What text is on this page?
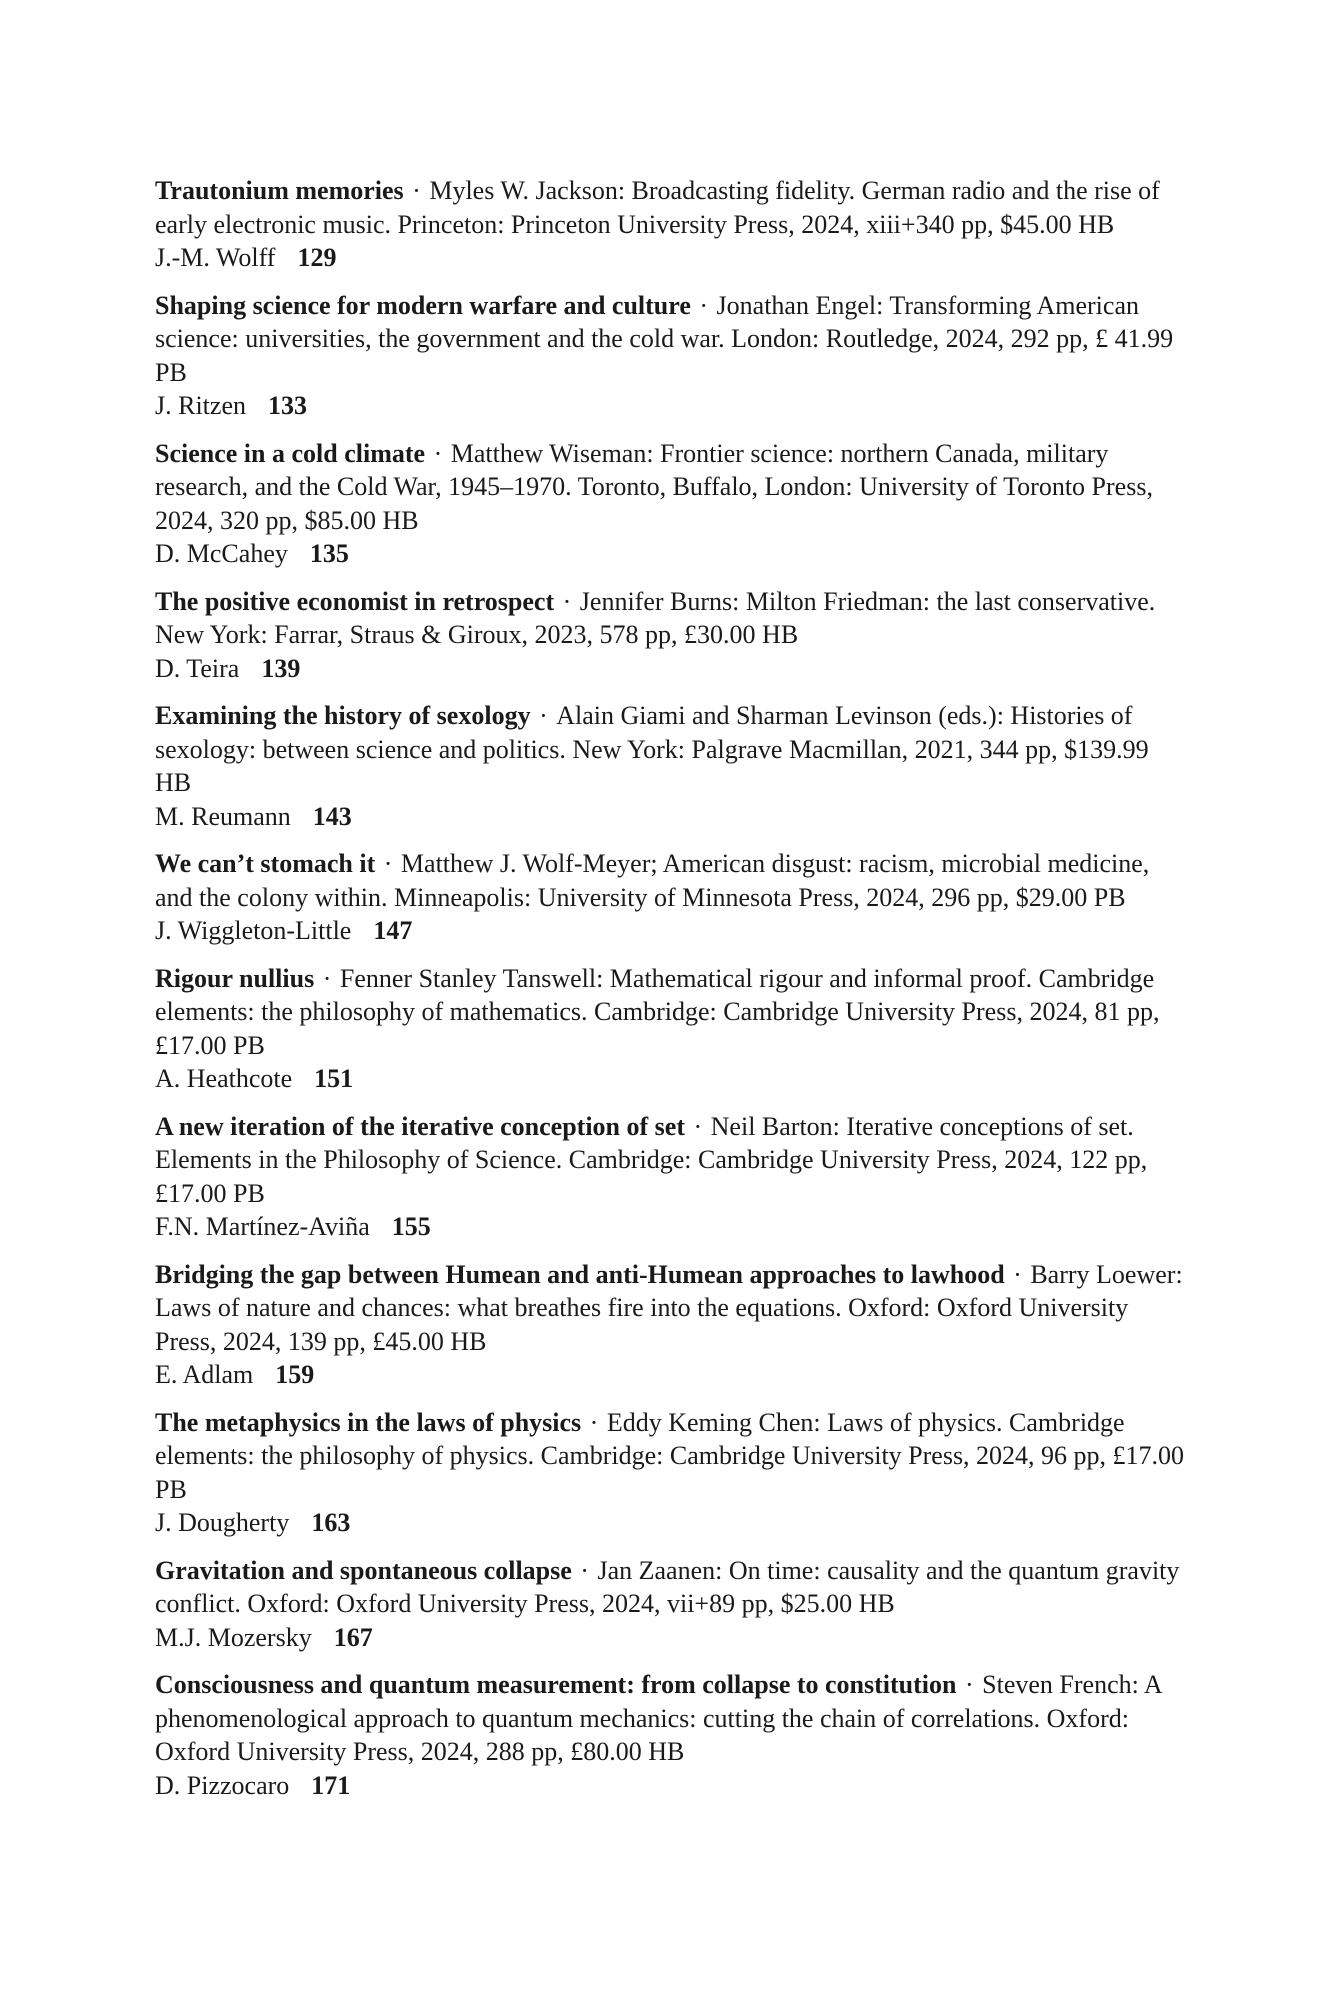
Trautonium memories · Myles W. Jackson: Broadcasting fidelity. German radio and the rise of early electronic music. Princeton: Princeton University Press, 2024, xiii+340 pp, $45.00 HB
J.-M. Wolff 129
Shaping science for modern warfare and culture · Jonathan Engel: Transforming American science: universities, the government and the cold war. London: Routledge, 2024, 292 pp, £ 41.99 PB
J. Ritzen 133
Science in a cold climate · Matthew Wiseman: Frontier science: northern Canada, military research, and the Cold War, 1945–1970. Toronto, Buffalo, London: University of Toronto Press, 2024, 320 pp, $85.00 HB
D. McCahey 135
The positive economist in retrospect · Jennifer Burns: Milton Friedman: the last conservative. New York: Farrar, Straus & Giroux, 2023, 578 pp, £30.00 HB
D. Teira 139
Examining the history of sexology · Alain Giami and Sharman Levinson (eds.): Histories of sexology: between science and politics. New York: Palgrave Macmillan, 2021, 344 pp, $139.99 HB
M. Reumann 143
We can’t stomach it · Matthew J. Wolf-Meyer; American disgust: racism, microbial medicine, and the colony within. Minneapolis: University of Minnesota Press, 2024, 296 pp, $29.00 PB
J. Wiggleton-Little 147
Rigour nullius · Fenner Stanley Tanswell: Mathematical rigour and informal proof. Cambridge elements: the philosophy of mathematics. Cambridge: Cambridge University Press, 2024, 81 pp, £17.00 PB
A. Heathcote 151
A new iteration of the iterative conception of set · Neil Barton: Iterative conceptions of set. Elements in the Philosophy of Science. Cambridge: Cambridge University Press, 2024, 122 pp, £17.00 PB
F.N. Martínez-Aviña 155
Bridging the gap between Humean and anti-Humean approaches to lawhood · Barry Loewer: Laws of nature and chances: what breathes fire into the equations. Oxford: Oxford University Press, 2024, 139 pp, £45.00 HB
E. Adlam 159
The metaphysics in the laws of physics · Eddy Keming Chen: Laws of physics. Cambridge elements: the philosophy of physics. Cambridge: Cambridge University Press, 2024, 96 pp, £17.00 PB
J. Dougherty 163
Gravitation and spontaneous collapse · Jan Zaanen: On time: causality and the quantum gravity conflict. Oxford: Oxford University Press, 2024, vii+89 pp, $25.00 HB
M.J. Mozersky 167
Consciousness and quantum measurement: from collapse to constitution · Steven French: A phenomenological approach to quantum mechanics: cutting the chain of correlations. Oxford: Oxford University Press, 2024, 288 pp, £80.00 HB
D. Pizzocaro 171
